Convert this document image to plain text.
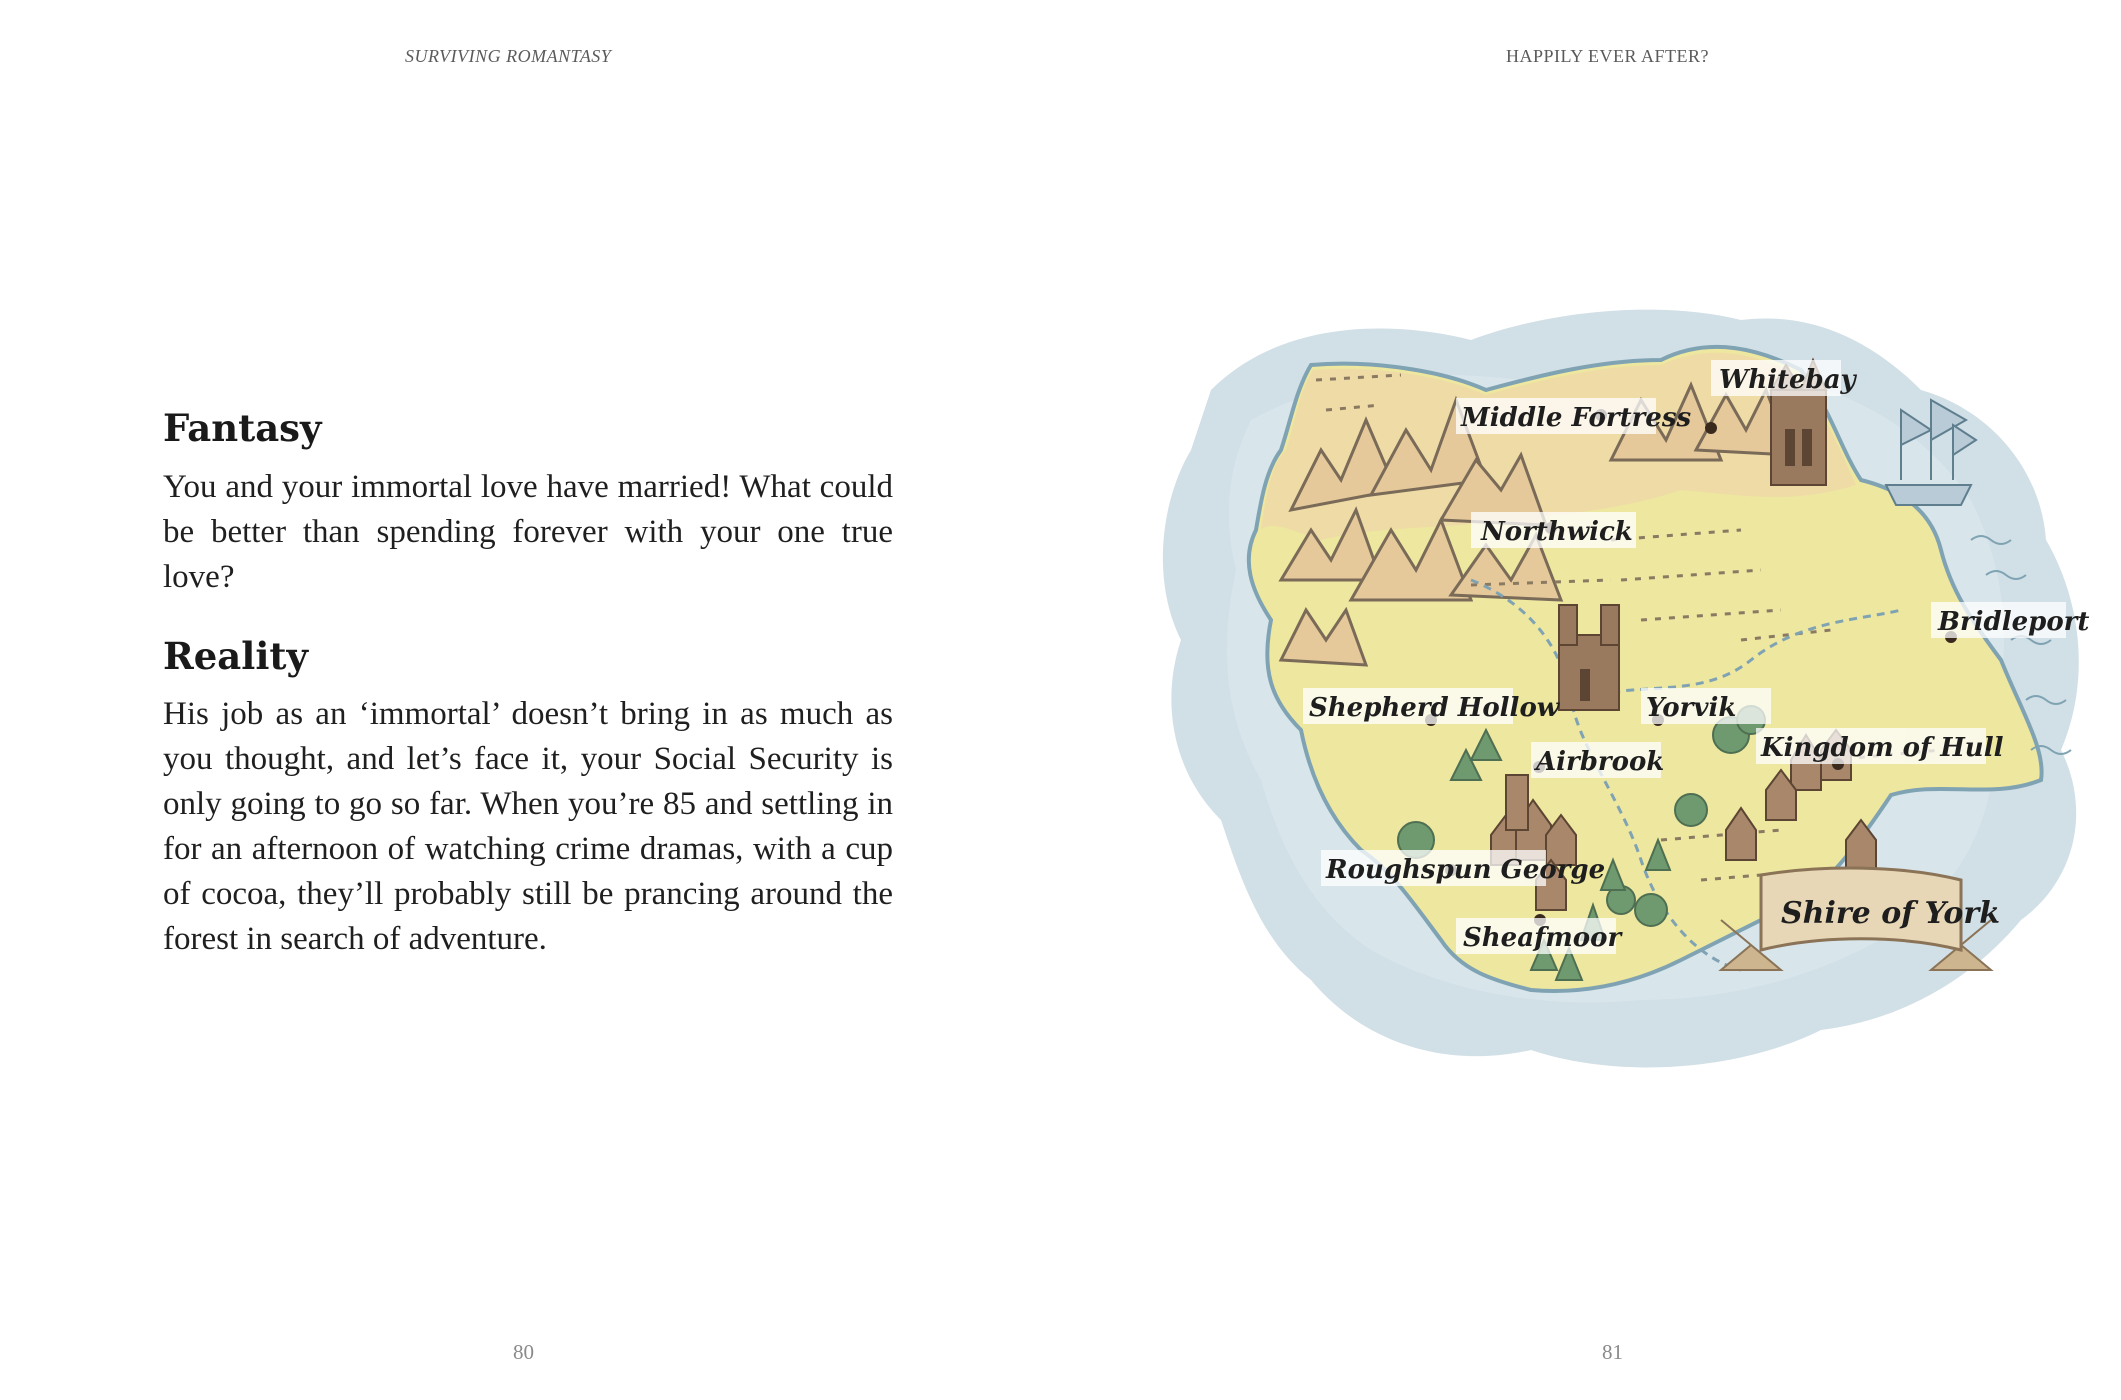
SURVIVING ROMANTASY
Fantasy

You and your immortal love have married! What could be better than spending forever with your one true love?

Reality

His job as an ‘immortal’ doesn’t bring in as much as you thought, and let’s face it, your Social Security is only going to go so far. When you’re 85 and settling in for an afternoon of watching crime dramas, with a cup of cocoa, they’ll probably still be prancing around the forest in search of adventure.

80
HAPPILY EVER AFTER?
Whitebay
Middle Fortress
Northwick
Bridleport
Shepherd Hollow	Yorvik
Airbrook	Kingdom of Hull
Roughspun George
Sheafmoor
Shire of York
81
